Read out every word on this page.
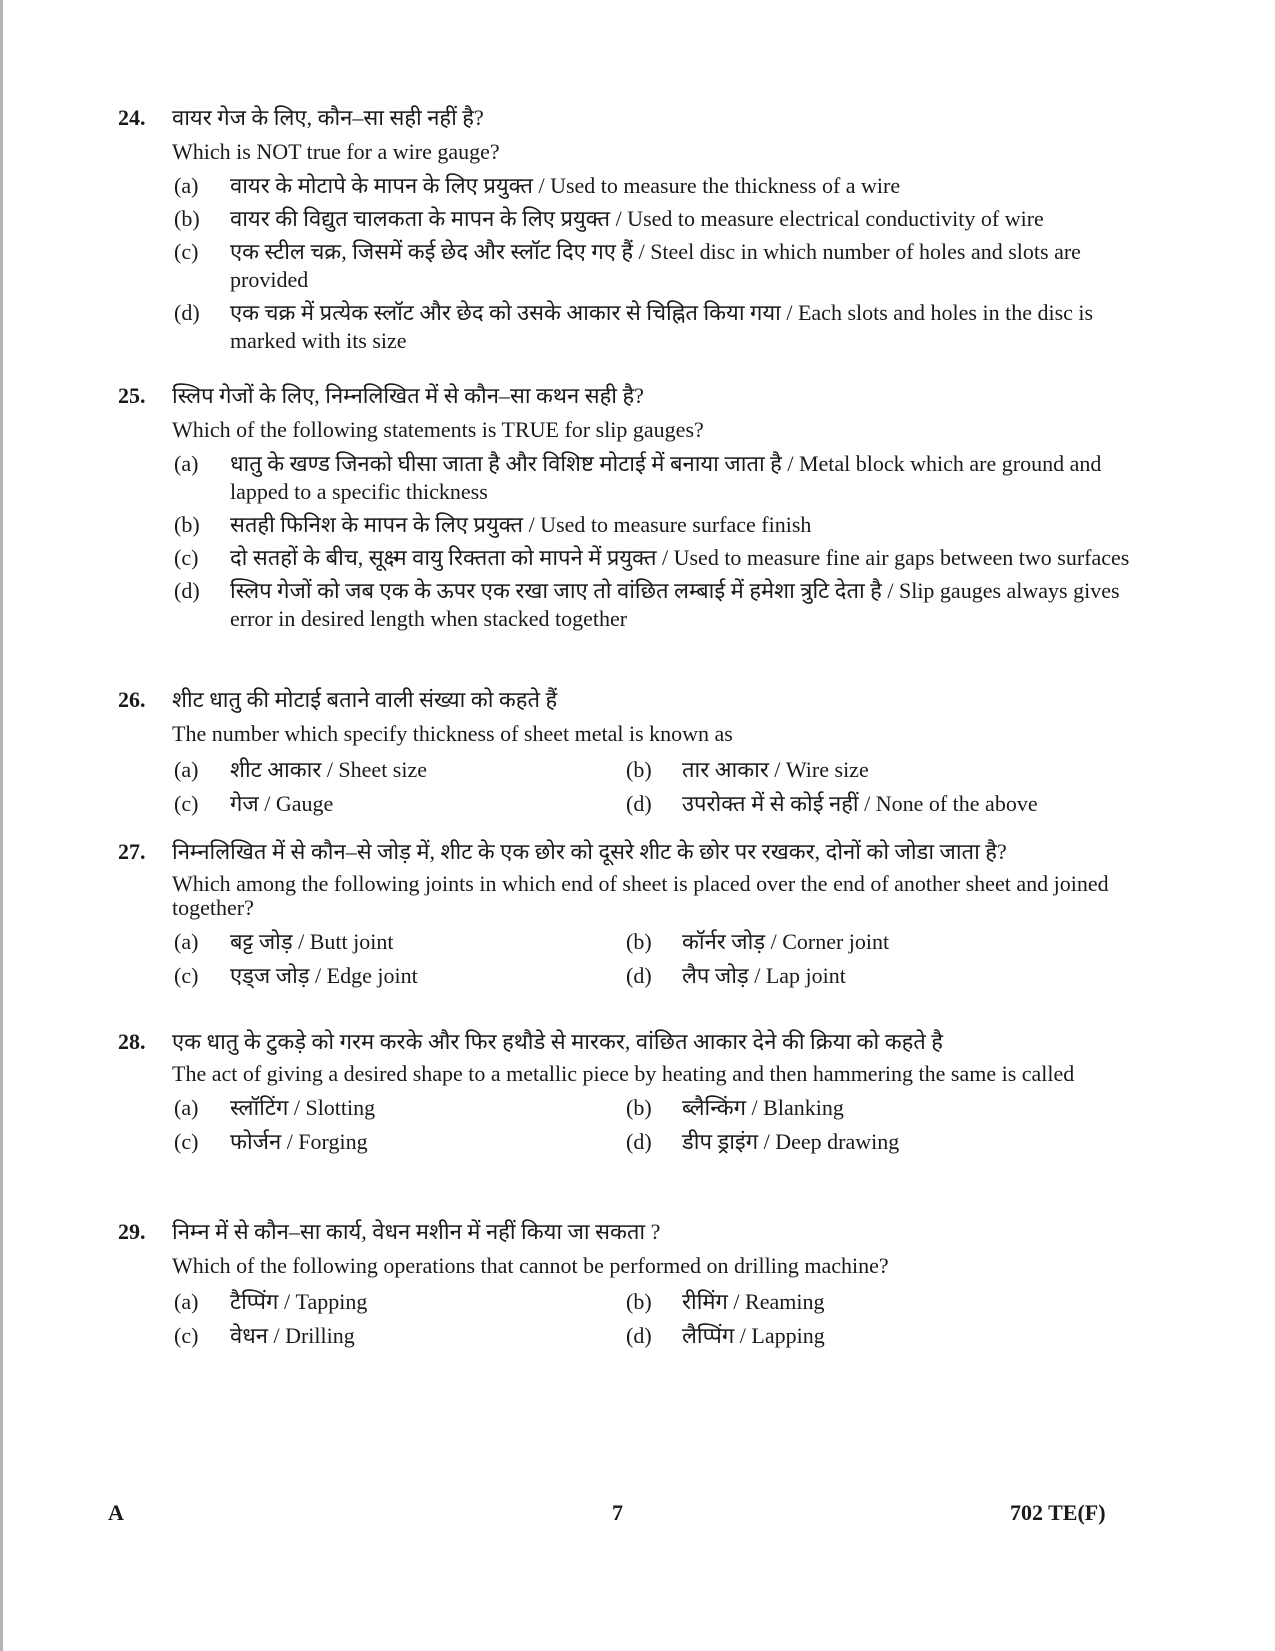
24.	वायर गेज के लिए, कौन–सा सही नहीं है?
Which is NOT true for a wire gauge?
(a)	वायर के मोटापे के मापन के लिए प्रयुक्त / Used to measure the thickness of a wire
(b)	वायर की विद्युत चालकता के मापन के लिए प्रयुक्त / Used to measure electrical conductivity of wire
(c)	एक स्टील चक्र, जिसमें कई छेद और स्लॉट दिए गए हैं / Steel disc in which number of holes and slots are provided
(d)	एक चक्र में प्रत्येक स्लॉट और छेद को उसके आकार से चिह्नित किया गया / Each slots and holes in the disc is marked with its size
25.	स्लिप गेजों के लिए, निम्नलिखित में से कौन–सा कथन सही है?
Which of the following statements is TRUE for slip gauges?
(a)	धातु के खण्ड जिनको घीसा जाता है और विशिष्ट मोटाई में बनाया जाता है / Metal block which are ground and lapped to a specific thickness
(b)	सतही फिनिश के मापन के लिए प्रयुक्त / Used to measure surface finish
(c)	दो सतहों के बीच, सूक्ष्म वायु रिक्तता को मापने में प्रयुक्त / Used to measure fine air gaps between two surfaces
(d)	स्लिप गेजों को जब एक के ऊपर एक रखा जाए तो वांछित लम्बाई में हमेशा त्रुटि देता है / Slip gauges always gives error in desired length when stacked together
26.	शीट धातु की मोटाई बताने वाली संख्या को कहते हैं
The number which specify thickness of sheet metal is known as
(a)	शीट आकार / Sheet size	(b)	तार आकार / Wire size
(c)	गेज / Gauge	(d)	उपरोक्त में से कोई नहीं / None of the above
27.	निम्नलिखित में से कौन–से जोड़ में, शीट के एक छोर को दूसरे शीट के छोर पर रखकर, दोनों को जोडा जाता है?
Which among the following joints in which end of sheet is placed over the end of another sheet and joined together?
(a)	बट्ट जोड़ / Butt joint	(b)	कॉर्नर जोड़ / Corner joint
(c)	एड्ज जोड़ / Edge joint	(d)	लैप जोड़ / Lap joint
28.	एक धातु के टुकड़े को गरम करके और फिर हथौडे से मारकर, वांछित आकार देने की क्रिया को कहते है
The act of giving a desired shape to a metallic piece by heating and then hammering the same is called
(a)	स्लॉटिंग / Slotting	(b)	ब्लैन्किंग / Blanking
(c)	फोर्जन / Forging	(d)	डीप ड्राइंग / Deep drawing
29.	निम्न में से कौन–सा कार्य, वेधन मशीन में नहीं किया जा सकता ?
Which of the following operations that cannot be performed on drilling machine?
(a)	टैप्पिंग / Tapping	(b)	रीमिंग / Reaming
(c)	वेधन / Drilling	(d)	लैप्पिंग / Lapping
A	7	702 TE(F)
